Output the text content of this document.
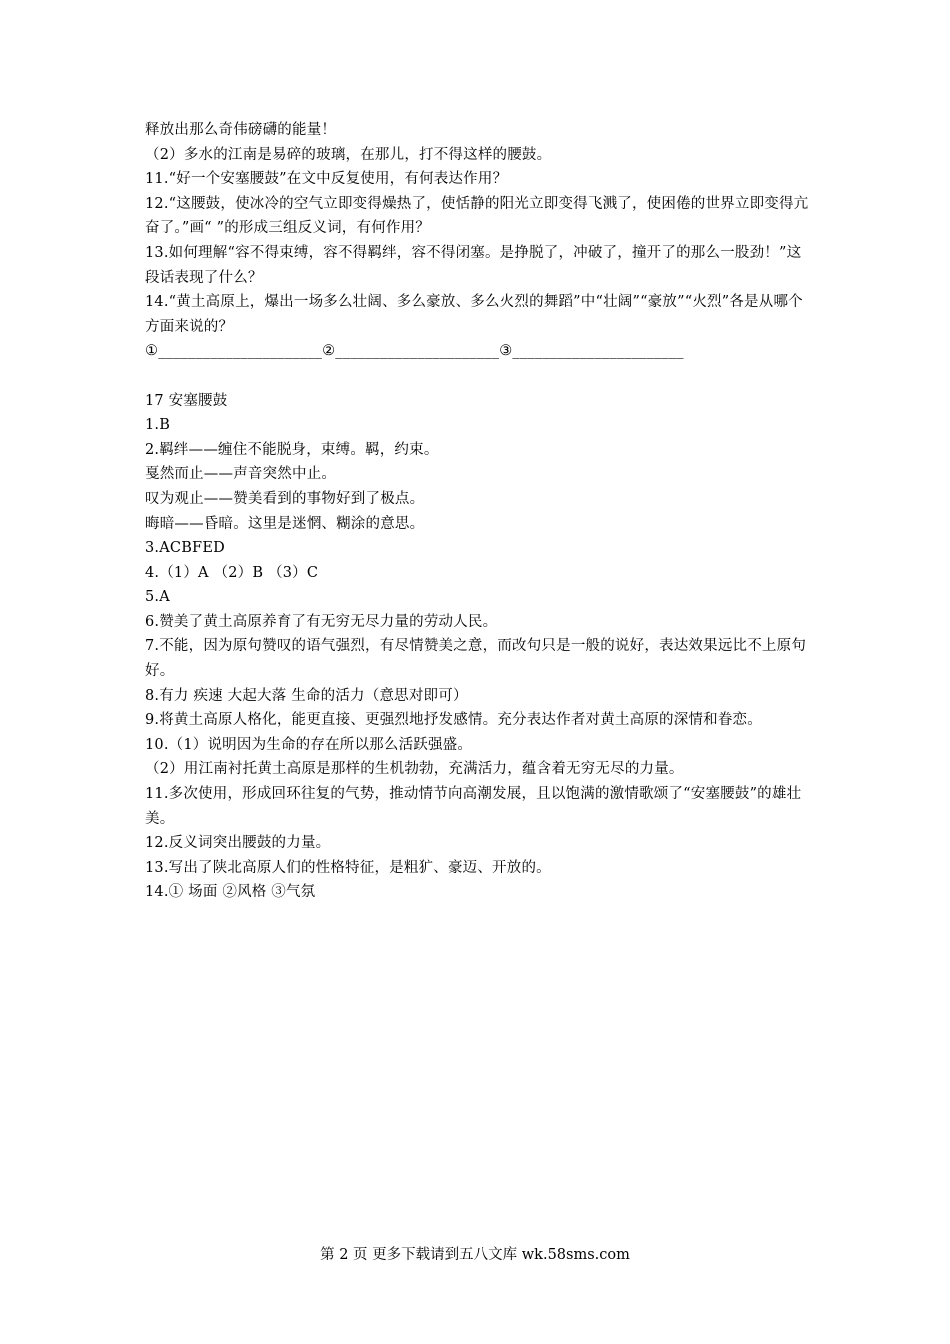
释放出那么奇伟磅礴的能量！

（2）多水的江南是易碎的玻璃，在那儿，打不得这样的腰鼓。

11.“好一个安塞腰鼓”在文中反复使用，有何表达作用？

12.“这腰鼓，使冰冷的空气立即变得燥热了，使恬静的阳光立即变得飞溅了，使困倦的世界立即变得亢奋了。”画“ ”的形成三组反义词，有何作用？

13.如何理解“容不得束缚，容不得羁绊，容不得闭塞。是挣脱了，冲破了，撞开了的那么一股劲！”这段话表现了什么？

14.“黄土高原上，爆出一场多么壮阔、多么豪放、多么火烈的舞蹈”中“壮阔”“豪放”“火烈”各是从哪个方面来说的？

①______________________②______________________③_______________________

17 安塞腰鼓

1.B

2.羁绊——缠住不能脱身，束缚。羁，约束。

戛然而止——声音突然中止。

叹为观止——赞美看到的事物好到了极点。

晦暗——昏暗。这里是迷惘、糊涂的意思。

3.ACBFED

4.（1）A （2）B （3）C

5.A

6.赞美了黄土高原养育了有无穷无尽力量的劳动人民。

7.不能，因为原句赞叹的语气强烈，有尽情赞美之意，而改句只是一般的说好，表达效果远比不上原句好。

8.有力 疾速 大起大落 生命的活力（意思对即可）

9.将黄土高原人格化，能更直接、更强烈地抒发感情。充分表达作者对黄土高原的深情和眷恋。

10.（1）说明因为生命的存在所以那么活跃强盛。

（2）用江南衬托黄土高原是那样的生机勃勃，充满活力，蕴含着无穷无尽的力量。

11.多次使用，形成回环往复的气势，推动情节向高潮发展，且以饱满的激情歌颂了“安塞腰鼓”的雄壮美。

12.反义词突出腰鼓的力量。

13.写出了陕北高原人们的性格特征，是粗犷、豪迈、开放的。

14.① 场面 ②风格 ③气氛

第 2 页 更多下载请到五八文库 wk.58sms.com
